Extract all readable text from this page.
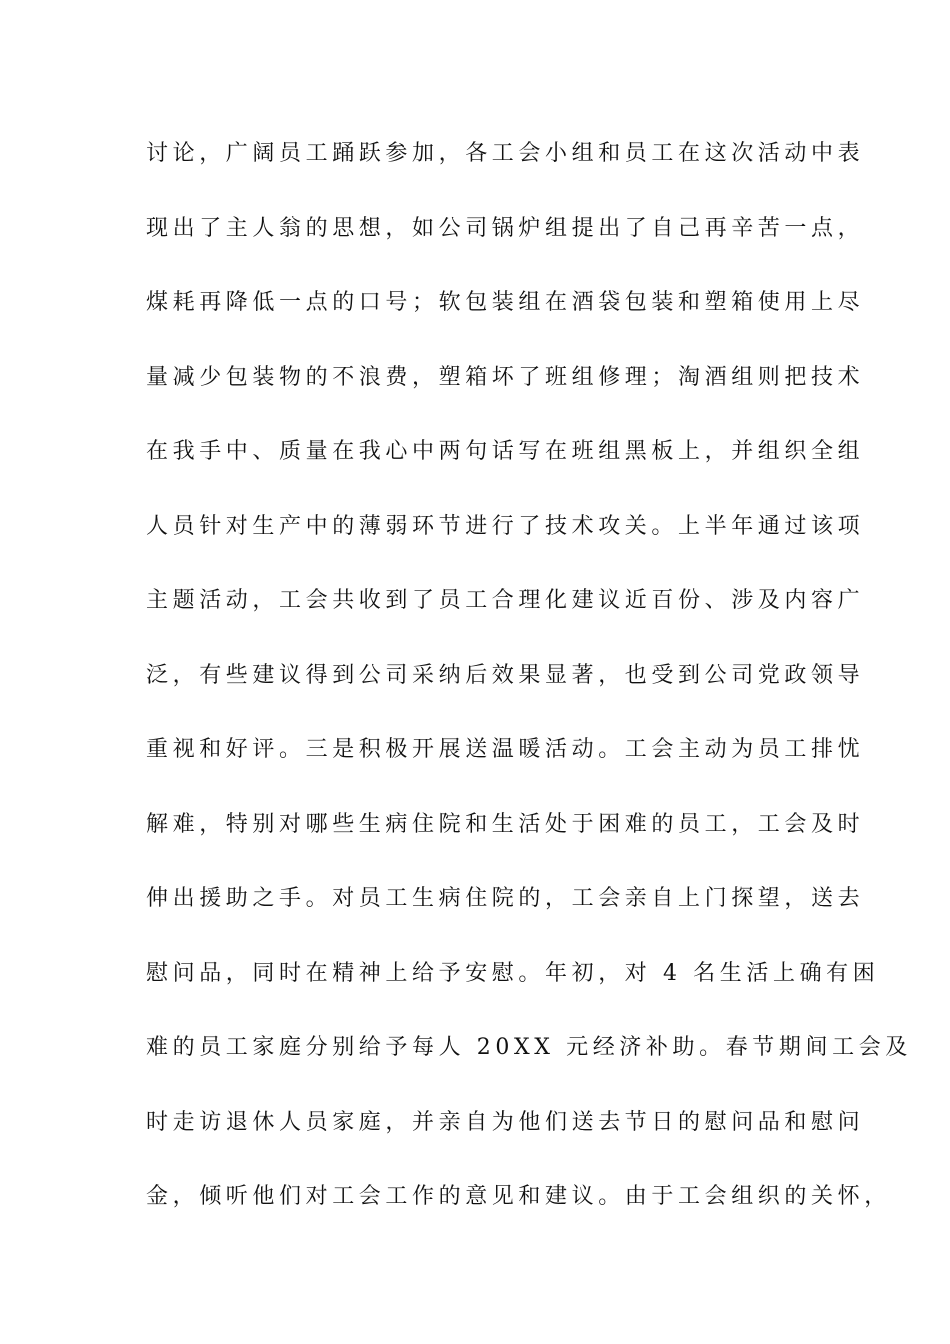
讨论，广阔员工踊跃参加，各工会小组和员工在这次活动中表
现出了主人翁的思想，如公司锅炉组提出了自己再辛苦一点，
煤耗再降低一点的口号；软包装组在酒袋包装和塑箱使用上尽
量减少包装物的不浪费，塑箱坏了班组修理；淘酒组则把技术
在我手中、质量在我心中两句话写在班组黑板上，并组织全组
人员针对生产中的薄弱环节进行了技术攻关。上半年通过该项
主题活动，工会共收到了员工合理化建议近百份、涉及内容广
泛，有些建议得到公司采纳后效果显著，也受到公司党政领导
重视和好评。三是积极开展送温暖活动。工会主动为员工排忧
解难，特别对哪些生病住院和生活处于困难的员工，工会及时
伸出援助之手。对员工生病住院的，工会亲自上门探望，送去
慰问品，同时在精神上给予安慰。年初，对 4 名生活上确有困
难的员工家庭分别给予每人 20XX 元经济补助。春节期间工会及
时走访退休人员家庭，并亲自为他们送去节日的慰问品和慰问
金，倾听他们对工会工作的意见和建议。由于工会组织的关怀，
